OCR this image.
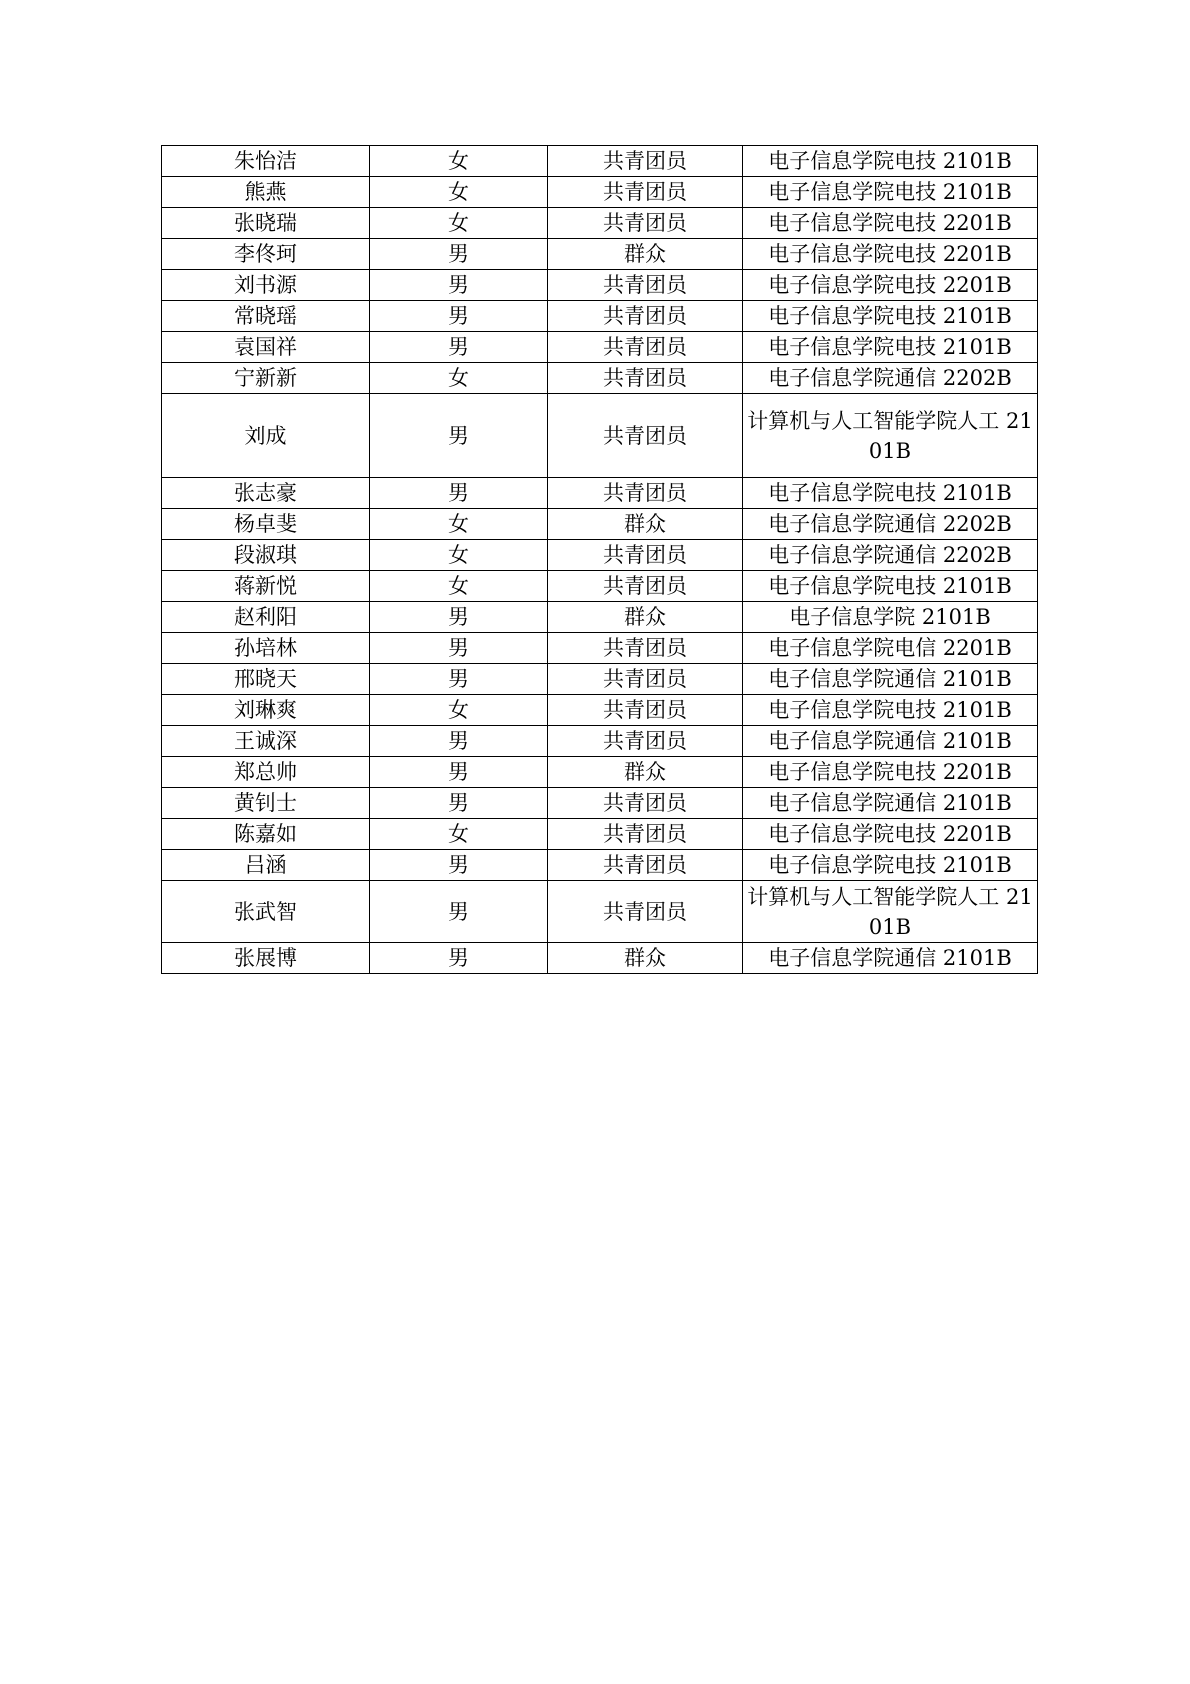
朱怡洁	女	共青团员	电子信息学院电技 2101B
熊燕	女	共青团员	电子信息学院电技 2101B
张晓瑞	女	共青团员	电子信息学院电技 2201B
李佟珂	男	群众	电子信息学院电技 2201B
刘书源	男	共青团员	电子信息学院电技 2201B
常晓瑶	男	共青团员	电子信息学院电技 2101B
袁国祥	男	共青团员	电子信息学院电技 2101B
宁新新	女	共青团员	电子信息学院通信 2202B
刘成	男	共青团员	计算机与人工智能学院人工 2101B
张志豪	男	共青团员	电子信息学院电技 2101B
杨卓斐	女	群众	电子信息学院通信 2202B
段淑琪	女	共青团员	电子信息学院通信 2202B
蒋新悦	女	共青团员	电子信息学院电技 2101B
赵利阳	男	群众	电子信息学院 2101B
孙培林	男	共青团员	电子信息学院电信 2201B
邢晓天	男	共青团员	电子信息学院通信 2101B
刘琳爽	女	共青团员	电子信息学院电技 2101B
王诚深	男	共青团员	电子信息学院通信 2101B
郑总帅	男	群众	电子信息学院电技 2201B
黄钊士	男	共青团员	电子信息学院通信 2101B
陈嘉如	女	共青团员	电子信息学院电技 2201B
吕涵	男	共青团员	电子信息学院电技 2101B
张武智	男	共青团员	计算机与人工智能学院人工 2101B
张展博	男	群众	电子信息学院通信 2101B
